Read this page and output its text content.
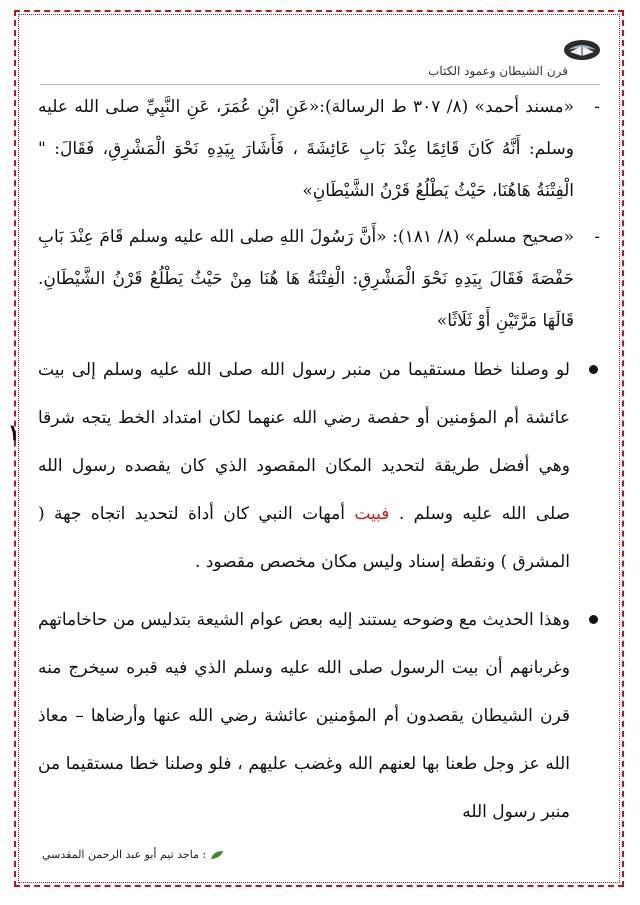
قرن الشيطان وعمود الكتاب
١
-
«مسند أحمد» (٨/ ٣٠٧ ط الرسالة):«عَنِ ابْنِ عُمَرَ، عَنِ النَّبِيِّ صلى الله عليه وسلم: أَنَّهُ كَانَ قَائِمًا عِنْدَ بَابِ عَائِشَةَ ، فَأَشَارَ بِيَدِهِ نَحْوَ الْمَشْرِقِ، فَقَالَ: " الْفِتْنَةُ هَاهُنَا، حَيْثُ يَطْلُعُ قَرْنُ الشَّيْطَانِ»
-
«صحيح مسلم» (٨/ ١٨١): «أَنَّ رَسُولَ اللهِ صلى الله عليه وسلم قَامَ عِنْدَ بَابِ حَفْصَةَ فَقَالَ بِيَدِهِ نَحْوَ الْمَشْرِقِ: الْفِتْنَةُ هَا هُنَا مِنْ حَيْثُ يَطْلُعُ قَرْنُ الشَّيْطَانِ. قَالَهَا مَرَّتَيْنِ أَوْ ثَلَاثًا»
لو وصلنا خطا مستقيما من منبر رسول الله صلى الله عليه وسلم إلى بيت عائشة أم المؤمنين أو حفصة رضي الله عنهما لكان امتداد الخط يتجه شرقا وهي أفضل طريقة لتحديد المكان المقصود الذي كان يقصده رسول الله صلى الله عليه وسلم . فبيت أمهات النبي كان أداة لتحديد اتجاه جهة ( المشرق ) ونقطة إسناد وليس مكان مخصص مقصود .
وهذا الحديث مع وضوحه يستند إليه بعض عوام الشيعة بتدليس من حاخاماتهم وغربانهم أن بيت الرسول صلى الله عليه وسلم الذي فيه قبره سيخرج منه قرن الشيطان يقصدون أم المؤمنين عائشة رضي الله عنها وأرضاها – معاذ الله عز وجل طعنا بها لعنهم الله وغضب عليهم ، فلو وصلنا خطا مستقيما من منبر رسول الله
: ماجد تيم أبو عبد الرحمن المقدسي
